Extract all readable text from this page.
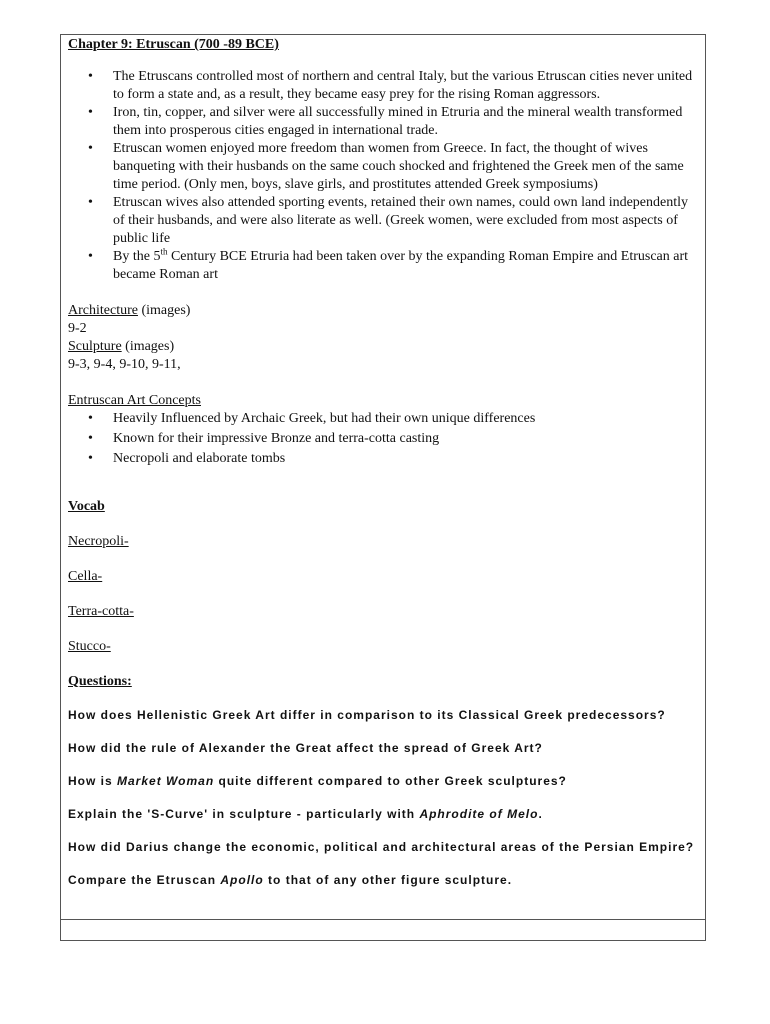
Chapter 9: Etruscan (700 -89 BCE)
• The Etruscans controlled most of northern and central Italy, but the various Etruscan cities never united to form a state and, as a result, they became easy prey for the rising Roman aggressors.
• Iron, tin, copper, and silver were all successfully mined in Etruria and the mineral wealth transformed them into prosperous cities engaged in international trade.
• Etruscan women enjoyed more freedom than women from Greece. In fact, the thought of wives banqueting with their husbands on the same couch shocked and frightened the Greek men of the same time period. (Only men, boys, slave girls, and prostitutes attended Greek symposiums)
• Etruscan wives also attended sporting events, retained their own names, could own land independently of their husbands, and were also literate as well. (Greek women, were excluded from most aspects of public life
• By the 5th Century BCE Etruria had been taken over by the expanding Roman Empire and Etruscan art became Roman art
Architecture (images)
9-2
Sculpture (images)
9-3, 9-4, 9-10, 9-11,
Entruscan Art Concepts
• Heavily Influenced by Archaic Greek, but had their own unique differences
• Known for their impressive Bronze and terra-cotta casting
• Necropoli and elaborate tombs
Vocab
Necropoli-
Cella-
Terra-cotta-
Stucco-
Questions:
How does Hellenistic Greek Art differ in comparison to its Classical Greek predecessors?
How did the rule of Alexander the Great affect the spread of Greek Art?
How is Market Woman quite different compared to other Greek sculptures?
Explain the 'S-Curve' in sculpture - particularly with Aphrodite of Melo.
How did Darius change the economic, political and architectural areas of the Persian Empire?
Compare the Etruscan Apollo to that of any other figure sculpture.
